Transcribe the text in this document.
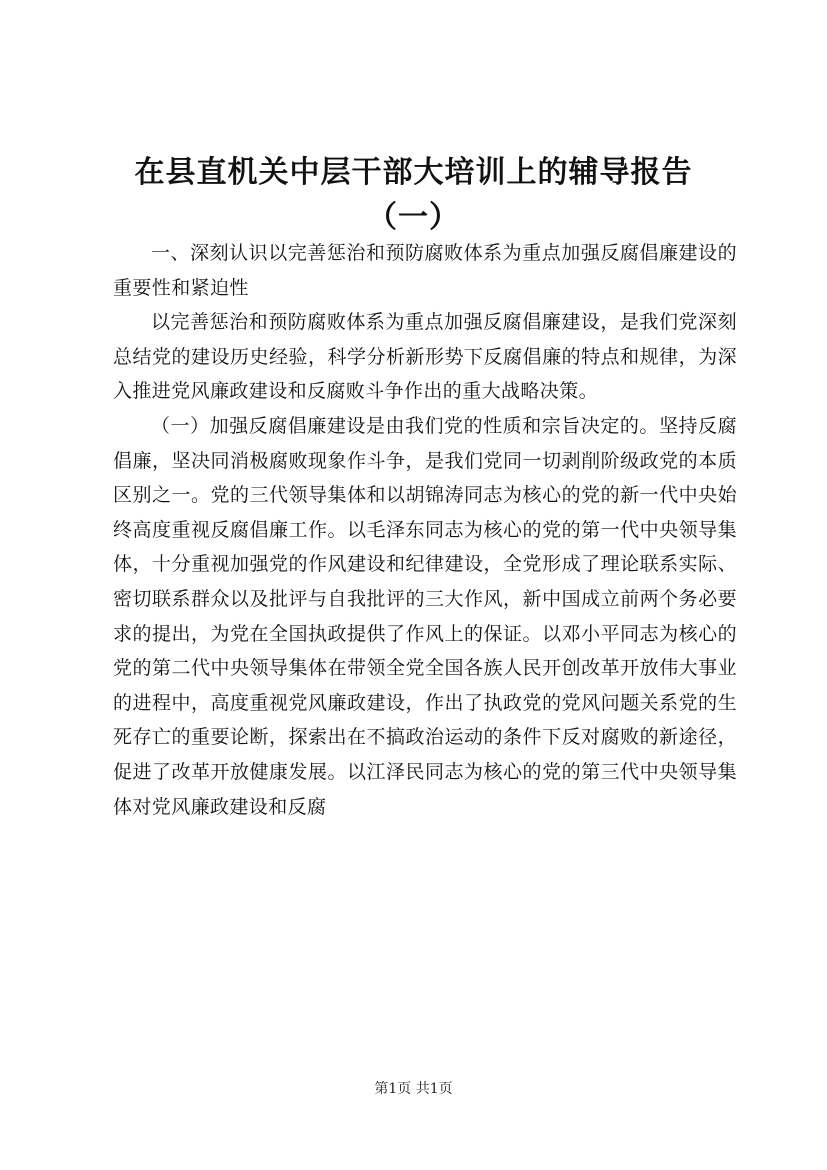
在县直机关中层干部大培训上的辅导报告
（一）

一、深刻认识以完善惩治和预防腐败体系为重点加强反腐倡廉建设的重要性和紧迫性

以完善惩治和预防腐败体系为重点加强反腐倡廉建设，是我们党深刻总结党的建设历史经验，科学分析新形势下反腐倡廉的特点和规律，为深入推进党风廉政建设和反腐败斗争作出的重大战略决策。

（一）加强反腐倡廉建设是由我们党的性质和宗旨决定的。坚持反腐倡廉，坚决同消极腐败现象作斗争，是我们党同一切剥削阶级政党的本质区别之一。党的三代领导集体和以胡锦涛同志为核心的党的新一代中央始终高度重视反腐倡廉工作。以毛泽东同志为核心的党的第一代中央领导集体，十分重视加强党的作风建设和纪律建设，全党形成了理论联系实际、密切联系群众以及批评与自我批评的三大作风，新中国成立前两个务必要求的提出，为党在全国执政提供了作风上的保证。以邓小平同志为核心的党的第二代中央领导集体在带领全党全国各族人民开创改革开放伟大事业的进程中，高度重视党风廉政建设，作出了执政党的党风问题关系党的生死存亡的重要论断，探索出在不搞政治运动的条件下反对腐败的新途径，促进了改革开放健康发展。以江泽民同志为核心的党的第三代中央领导集体对党风廉政建设和反腐

第1页 共1页
